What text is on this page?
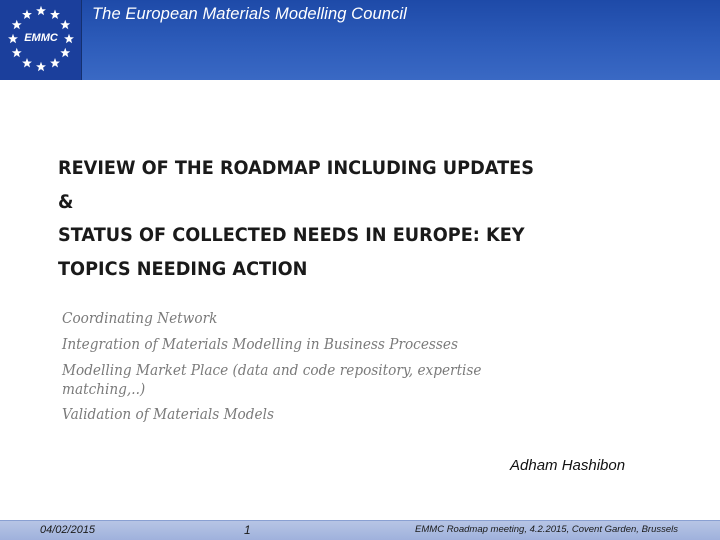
EMMC
The European Materials Modelling Council
REVIEW OF THE ROADMAP INCLUDING UPDATES
&
STATUS OF COLLECTED NEEDS IN EUROPE: KEY
TOPICS NEEDING ACTION
Coordinating Network
Integration of Materials Modelling in Business Processes
Modelling Market Place (data and code repository, expertise matching,..)
Validation of Materials Models
Adham Hashibon
04/02/2015	1	EMMC Roadmap meeting, 4.2.2015, Covent Garden, Brussels
